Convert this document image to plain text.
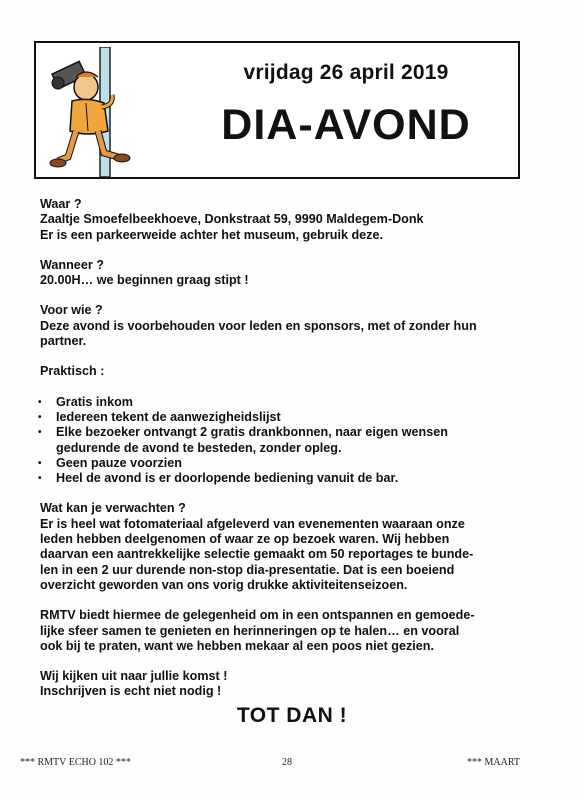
vrijdag 26 april 2019
DIA-AVOND

Waar ?
Zaaltje Smoefelbeekhoeve, Donkstraat 59, 9990 Maldegem-Donk
Er is een parkeerweide achter het museum, gebruik deze.

Wanneer ?
20.00H… we beginnen graag stipt !

Voor wie ?
Deze avond is voorbehouden voor leden en sponsors, met of zonder hun
partner.

Praktisch :

• Gratis inkom
• Iedereen tekent de aanwezigheidslijst
• Elke bezoeker ontvangt 2 gratis drankbonnen, naar eigen wensen
gedurende de avond te besteden, zonder opleg.
• Geen pauze voorzien
• Heel de avond is er doorlopende bediening vanuit de bar.

Wat kan je verwachten ?
Er is heel wat fotomateriaal afgeleverd van evenementen waaraan onze
leden hebben deelgenomen of waar ze op bezoek waren. Wij hebben
daarvan een aantrekkelijke selectie gemaakt om 50 reportages te bunde-
len in een 2 uur durende non-stop dia-presentatie. Dat is een boeiend
overzicht geworden van ons vorig drukke aktiviteitenseizoen.

RMTV biedt hiermee de gelegenheid om in een ontspannen en gemoede-
lijke sfeer samen te genieten en herinneringen op te halen… en vooral
ook bij te praten, want we hebben mekaar al een poos niet gezien.

Wij kijken uit naar jullie komst !
Inschrijven is echt niet nodig !

TOT DAN !
*** RMTV ECHO 102 ***	28	*** MAART
